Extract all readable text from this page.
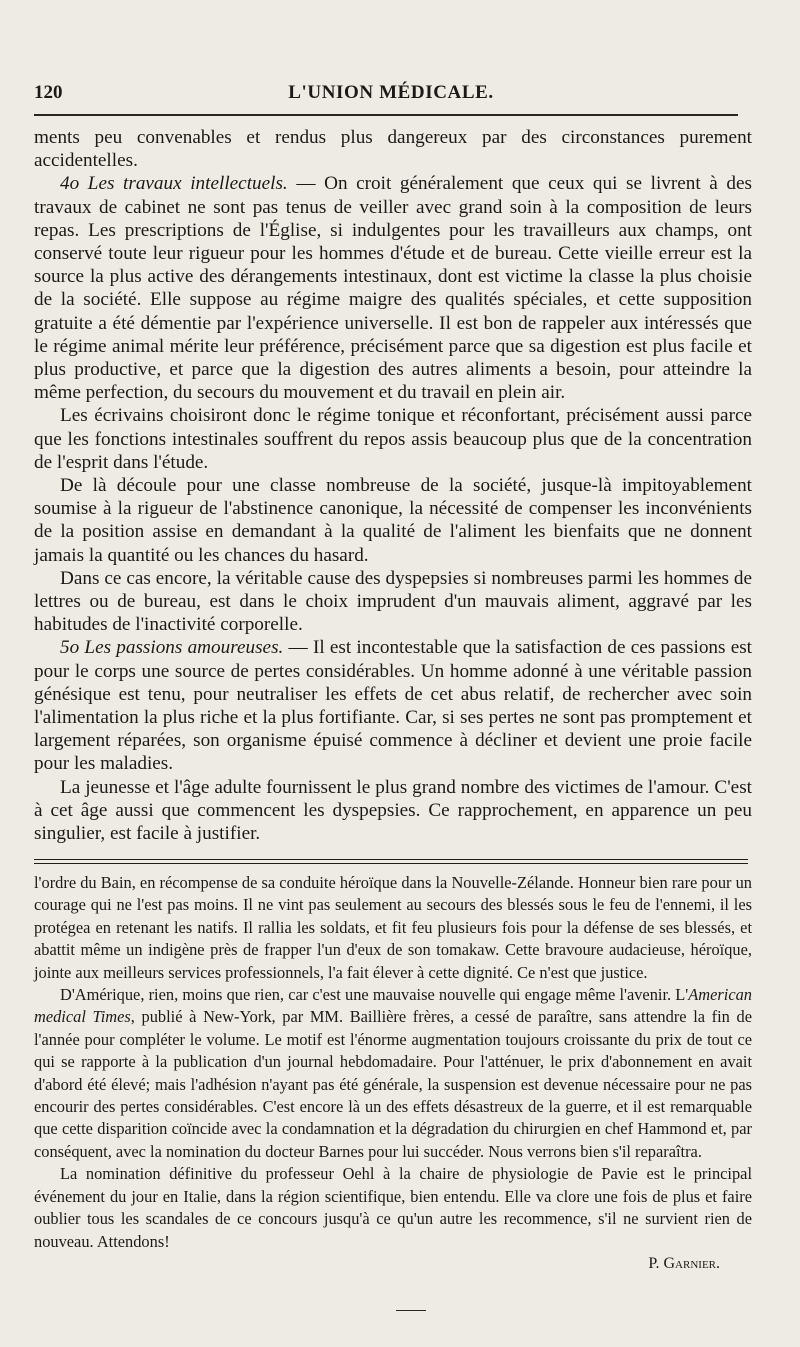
120	L'UNION MÉDICALE.

ments peu convenables et rendus plus dangereux par des circonstances purement accidentelles.

4o Les travaux intellectuels. — On croit généralement que ceux qui se livrent à des travaux de cabinet ne sont pas tenus de veiller avec grand soin à la composition de leurs repas. Les prescriptions de l'Église, si indulgentes pour les travailleurs aux champs, ont conservé toute leur rigueur pour les hommes d'étude et de bureau. Cette vieille erreur est la source la plus active des dérangements intestinaux, dont est victime la classe la plus choisie de la société. Elle suppose au régime maigre des qualités spéciales, et cette supposition gratuite a été démentie par l'expérience universelle. Il est bon de rappeler aux intéressés que le régime animal mérite leur préférence, précisément parce que sa digestion est plus facile et plus productive, et parce que la digestion des autres aliments a besoin, pour atteindre la même perfection, du secours du mouvement et du travail en plein air.

Les écrivains choisiront donc le régime tonique et réconfortant, précisément aussi parce que les fonctions intestinales souffrent du repos assis beaucoup plus que de la concentration de l'esprit dans l'étude.

De là découle pour une classe nombreuse de la société, jusque-là impitoyablement soumise à la rigueur de l'abstinence canonique, la nécessité de compenser les inconvénients de la position assise en demandant à la qualité de l'aliment les bienfaits que ne donnent jamais la quantité ou les chances du hasard.

Dans ce cas encore, la véritable cause des dyspepsies si nombreuses parmi les hommes de lettres ou de bureau, est dans le choix imprudent d'un mauvais aliment, aggravé par les habitudes de l'inactivité corporelle.

5o Les passions amoureuses. — Il est incontestable que la satisfaction de ces passions est pour le corps une source de pertes considérables. Un homme adonné à une véritable passion génésique est tenu, pour neutraliser les effets de cet abus relatif, de rechercher avec soin l'alimentation la plus riche et la plus fortifiante. Car, si ses pertes ne sont pas promptement et largement réparées, son organisme épuisé commence à décliner et devient une proie facile pour les maladies.

La jeunesse et l'âge adulte fournissent le plus grand nombre des victimes de l'amour. C'est à cet âge aussi que commencent les dyspepsies. Ce rapprochement, en apparence un peu singulier, est facile à justifier.

l'ordre du Bain, en récompense de sa conduite héroïque dans la Nouvelle-Zélande. Honneur bien rare pour un courage qui ne l'est pas moins. Il ne vint pas seulement au secours des blessés sous le feu de l'ennemi, il les protégea en retenant les natifs. Il rallia les soldats, et fit feu plusieurs fois pour la défense de ses blessés, et abattit même un indigène près de frapper l'un d'eux de son tomakaw. Cette bravoure audacieuse, héroïque, jointe aux meilleurs services professionnels, l'a fait élever à cette dignité. Ce n'est que justice.

D'Amérique, rien, moins que rien, car c'est une mauvaise nouvelle qui engage même l'avenir. L'American medical Times, publié à New-York, par MM. Baillière frères, a cessé de paraître, sans attendre la fin de l'année pour compléter le volume. Le motif est l'énorme augmentation toujours croissante du prix de tout ce qui se rapporte à la publication d'un journal hebdomadaire. Pour l'atténuer, le prix d'abonnement en avait d'abord été élevé; mais l'adhésion n'ayant pas été générale, la suspension est devenue nécessaire pour ne pas encourir des pertes considérables. C'est encore là un des effets désastreux de la guerre, et il est remarquable que cette disparition coïncide avec la condamnation et la dégradation du chirurgien en chef Hammond et, par conséquent, avec la nomination du docteur Barnes pour lui succéder. Nous verrons bien s'il reparaîtra.

La nomination définitive du professeur Oehl à la chaire de physiologie de Pavie est le principal événement du jour en Italie, dans la région scientifique, bien entendu. Elle va clore une fois de plus et faire oublier tous les scandales de ce concours jusqu'à ce qu'un autre les recommence, s'il ne survient rien de nouveau. Attendons!

P. Garnier.
